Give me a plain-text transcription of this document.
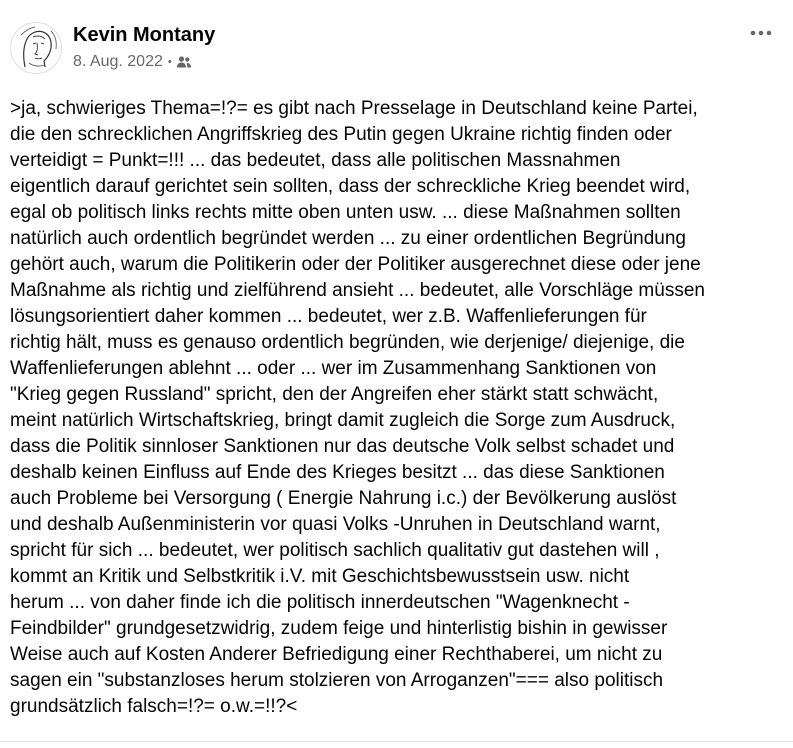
Kevin Montany
8. Aug. 2022 •
>ja, schwieriges Thema=!?= es gibt nach Presselage in Deutschland keine Partei,
die den schrecklichen Angriffskrieg des Putin gegen Ukraine richtig finden oder
verteidigt = Punkt=!!! ... das bedeutet, dass alle politischen Massnahmen
eigentlich darauf gerichtet sein sollten, dass der schreckliche Krieg beendet wird,
egal ob politisch links rechts mitte oben unten usw. ... diese Maßnahmen sollten
natürlich auch ordentlich begründet werden ... zu einer ordentlichen Begründung
gehört auch, warum die Politikerin oder der Politiker ausgerechnet diese oder jene
Maßnahme als richtig und zielführend ansieht ... bedeutet, alle Vorschläge müssen
lösungsorientiert daher kommen ... bedeutet, wer z.B. Waffenlieferungen für
richtig hält, muss es genauso ordentlich begründen, wie derjenige/ diejenige, die
Waffenlieferungen ablehnt ... oder ... wer im Zusammenhang Sanktionen von
"Krieg gegen Russland" spricht, den der Angreifen eher stärkt statt schwächt,
meint natürlich Wirtschaftskrieg, bringt damit zugleich die Sorge zum Ausdruck,
dass die Politik sinnloser Sanktionen nur das deutsche Volk selbst schadet und
deshalb keinen Einfluss auf Ende des Krieges besitzt ... das diese Sanktionen
auch Probleme bei Versorgung ( Energie Nahrung i.c.) der Bevölkerung auslöst
und deshalb Außenministerin vor quasi Volks -Unruhen in Deutschland warnt,
spricht für sich ... bedeutet, wer politisch sachlich qualitativ gut dastehen will ,
kommt an Kritik und Selbstkritik i.V. mit Geschichtsbewusstsein usw. nicht
herum ... von daher finde ich die politisch innerdeutschen "Wagenknecht -
Feindbilder" grundgesetzwidrig, zudem feige und hinterlistig bishin in gewisser
Weise auch auf Kosten Anderer Befriedigung einer Rechthaberei, um nicht zu
sagen ein "substanzloses herum stolzieren von Arroganzen"=== also politisch
grundsätzlich falsch=!?= o.w.=!!?<
